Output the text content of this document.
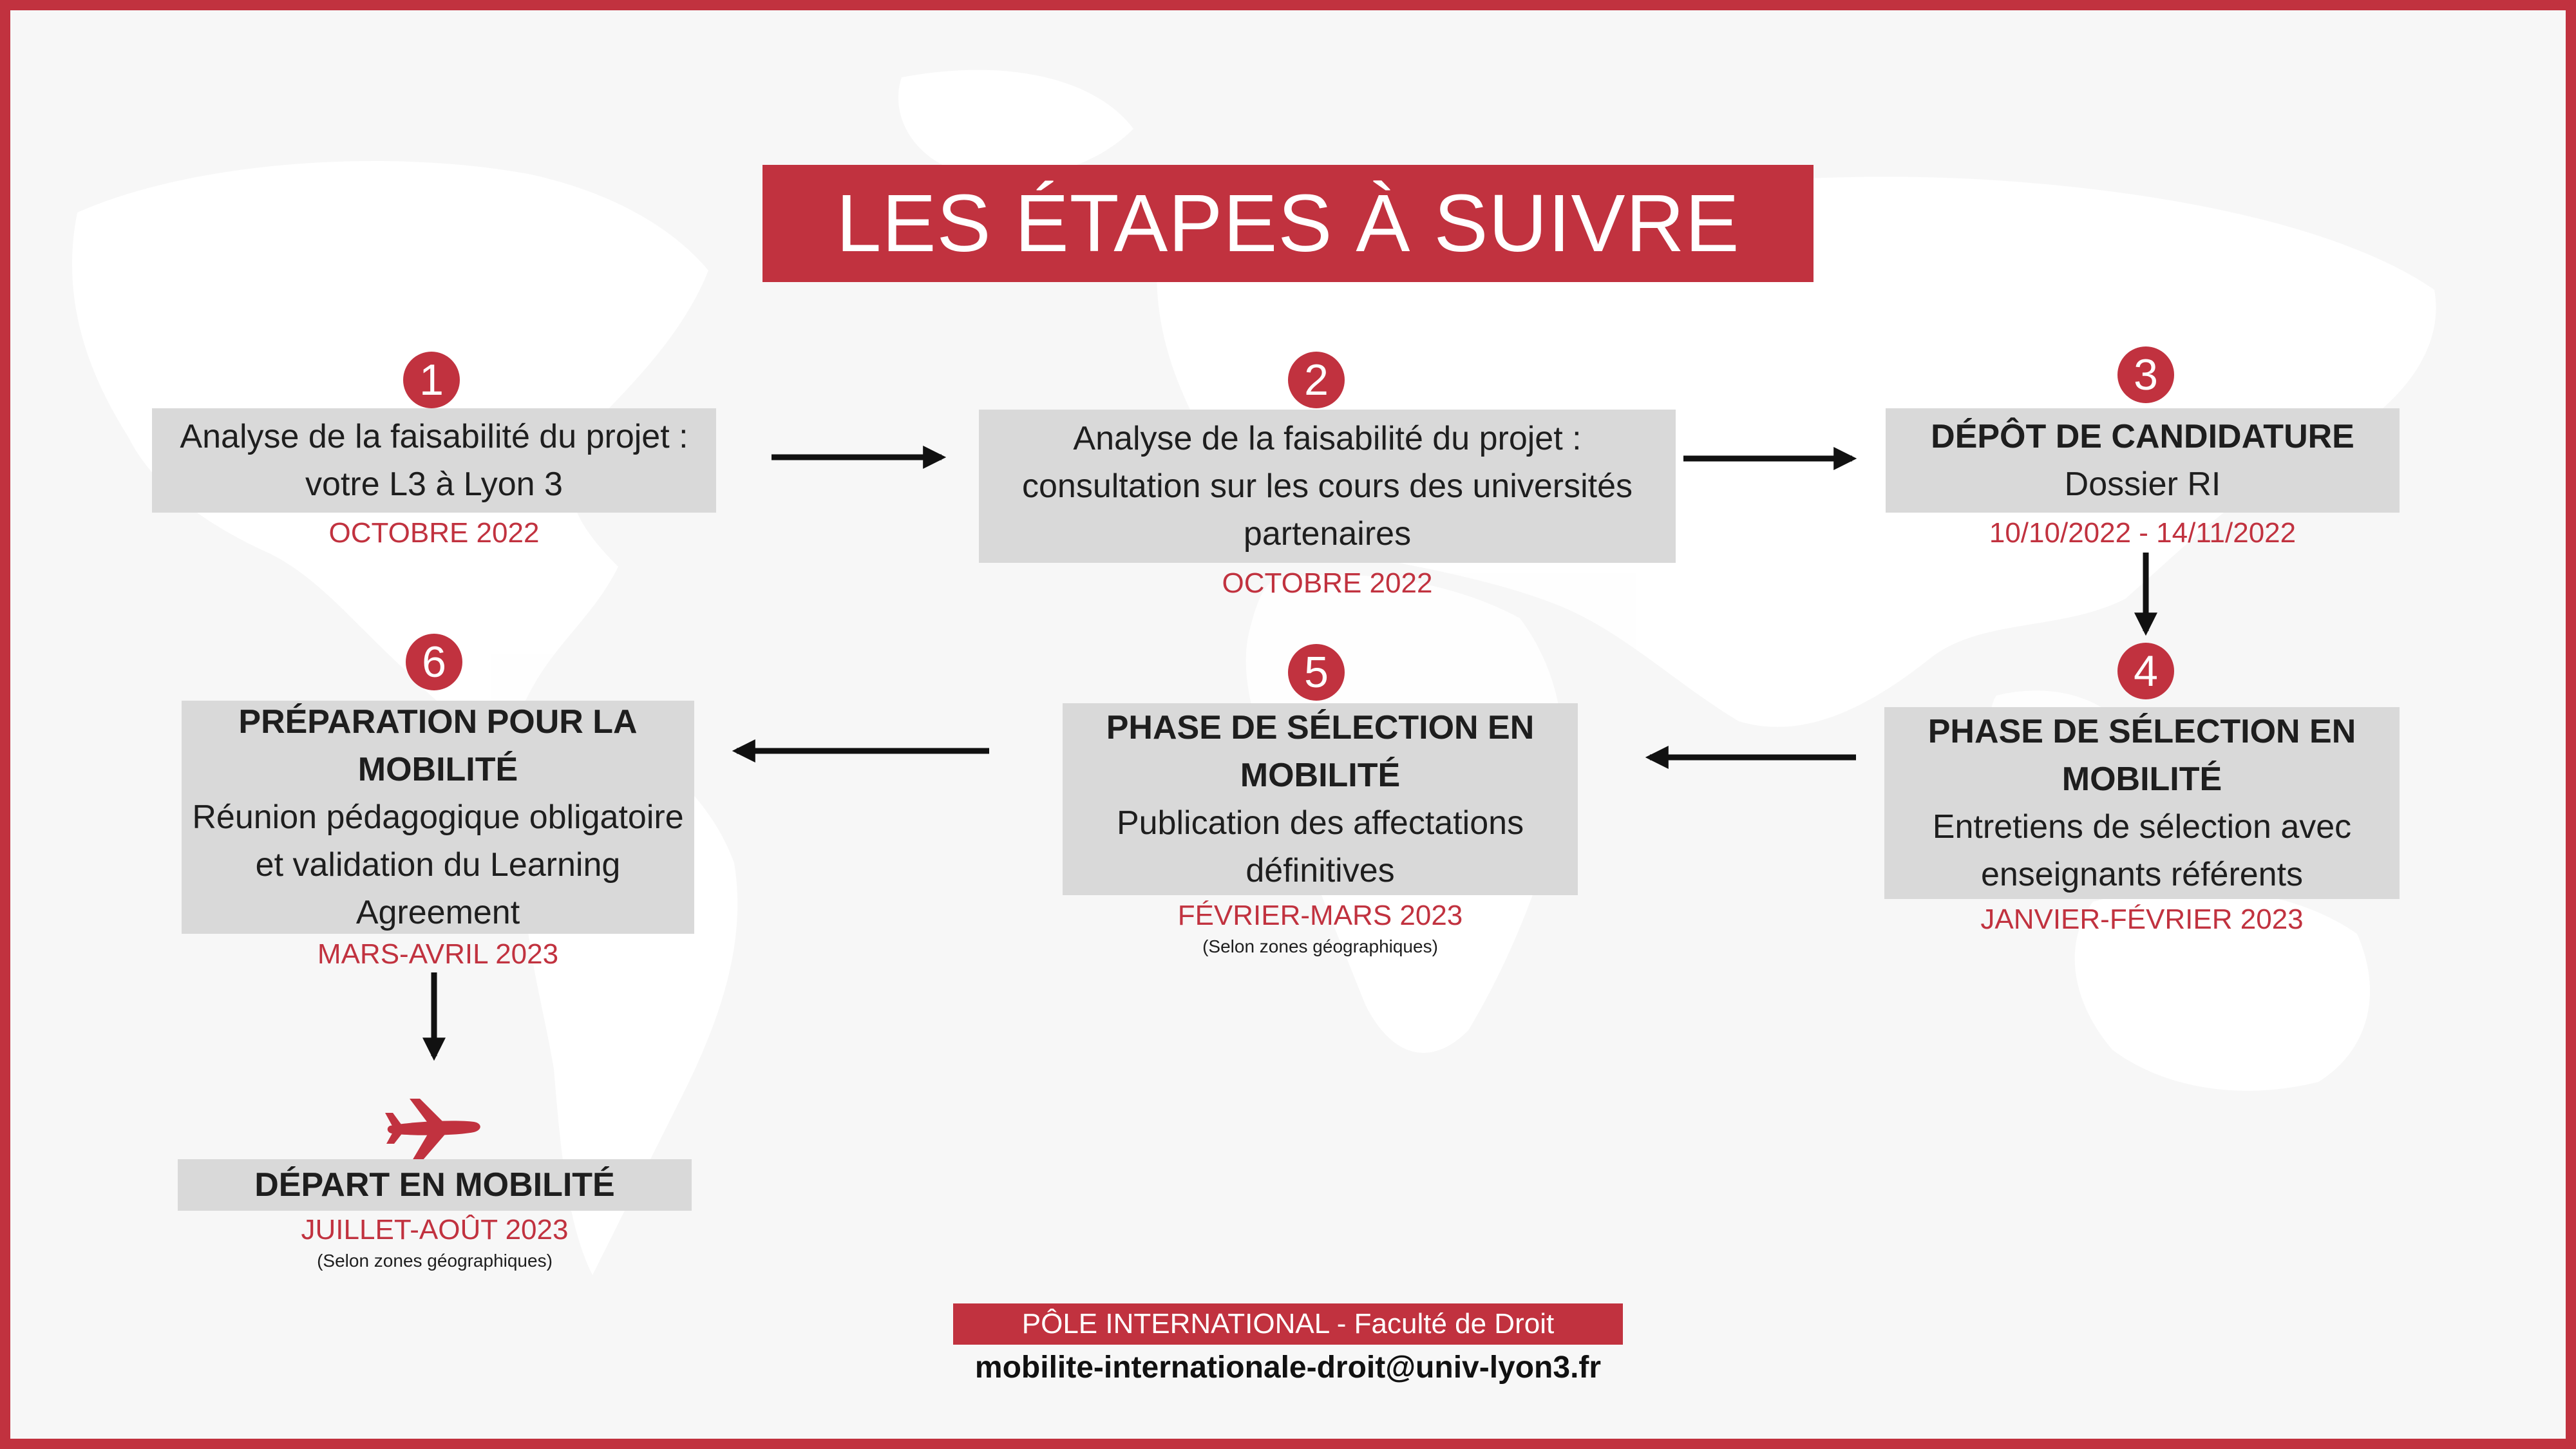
LES ÉTAPES À SUIVRE
1
Analyse de la faisabilité du projet : votre L3 à Lyon 3
OCTOBRE 2022
2
Analyse de la faisabilité du projet : consultation sur les cours des universités partenaires
OCTOBRE 2022
3
DÉPÔT DE CANDIDATURE
Dossier RI
10/10/2022 - 14/11/2022
4
PHASE DE SÉLECTION EN MOBILITÉ
Entretiens de sélection avec enseignants référents
JANVIER-FÉVRIER 2023
5
PHASE DE SÉLECTION EN MOBILITÉ
Publication des affectations définitives
FÉVRIER-MARS 2023
(Selon zones géographiques)
6
PRÉPARATION POUR LA MOBILITÉ
Réunion pédagogique obligatoire et validation du Learning Agreement
MARS-AVRIL 2023
DÉPART EN MOBILITÉ
JUILLET-AOÛT 2023
(Selon zones géographiques)
PÔLE INTERNATIONAL - Faculté de Droit
mobilite-internationale-droit@univ-lyon3.fr
